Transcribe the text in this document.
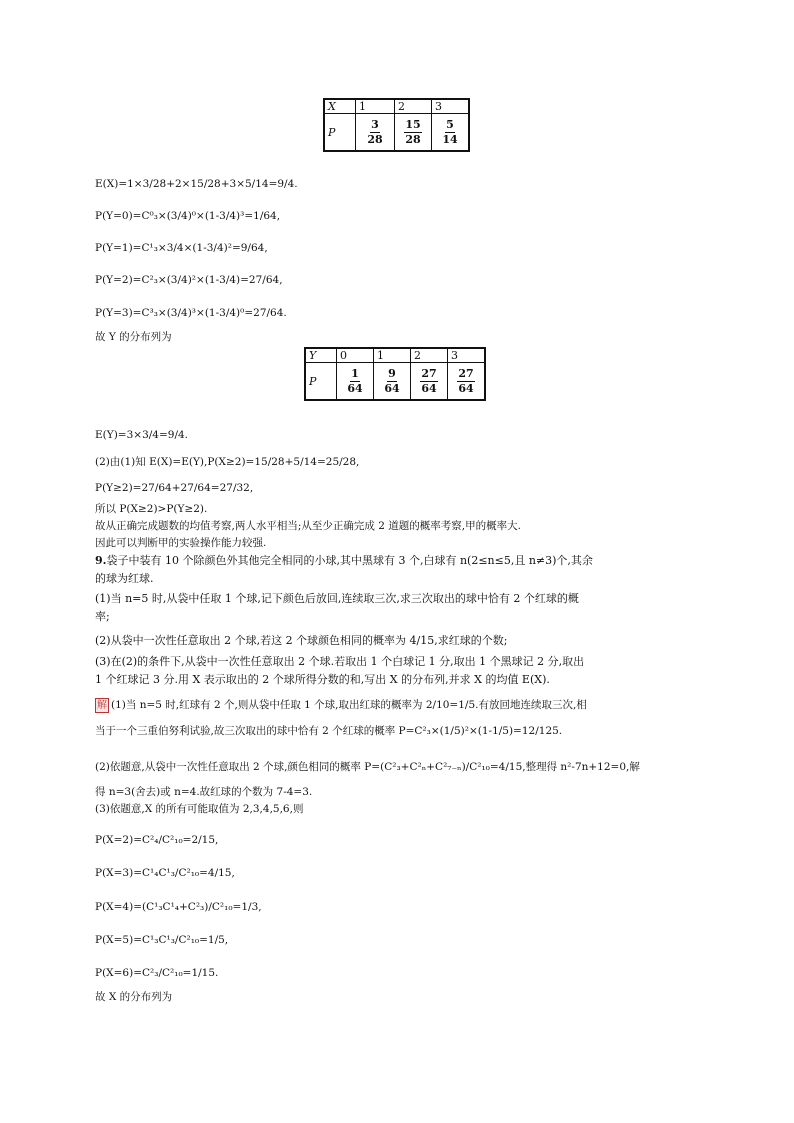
X	1	2	3
P	$\frac{3}{28}$	$\frac{15}{28}$	$\frac{5}{14}$
E(X)=1×3/28+2×15/28+3×5/14=9/4.
P(Y=0)=C⁰₃×(3/4)⁰×(1-3/4)³=1/64,
P(Y=1)=C¹₃×3/4×(1-3/4)²=9/64,
P(Y=2)=C²₃×(3/4)²×(1-3/4)=27/64,
P(Y=3)=C³₃×(3/4)³×(1-3/4)⁰=27/64.
故 Y 的分布列为
Y	0	1	2	3
P	$\frac{1}{64}$	$\frac{9}{64}$	$\frac{27}{64}$	$\frac{27}{64}$
E(Y)=3×3/4=9/4.
(2)由(1)知 E(X)=E(Y),P(X≥2)=15/28+5/14=25/28,
P(Y≥2)=27/64+27/64=27/32,
所以 P(X≥2)>P(Y≥2).
故从正确完成题数的均值考察,两人水平相当;从至少正确完成 2 道题的概率考察,甲的概率大.
因此可以判断甲的实验操作能力较强.
9.袋子中装有 10 个除颜色外其他完全相同的小球,其中黑球有 3 个,白球有 n(2≤n≤5,且 n≠3)个,其余
的球为红球.
(1)当 n=5 时,从袋中任取 1 个球,记下颜色后放回,连续取三次,求三次取出的球中恰有 2 个红球的概
率;
(2)从袋中一次性任意取出 2 个球,若这 2 个球颜色相同的概率为 4/15,求红球的个数;
(3)在(2)的条件下,从袋中一次性任意取出 2 个球.若取出 1 个白球记 1 分,取出 1 个黑球记 2 分,取出
1 个红球记 3 分.用 X 表示取出的 2 个球所得分数的和,写出 X 的分布列,并求 X 的均值 E(X).
解 (1)当 n=5 时,红球有 2 个,则从袋中任取 1 个球,取出红球的概率为 2/10=1/5.有放回地连续取三次,相
当于一个三重伯努利试验,故三次取出的球中恰有 2 个红球的概率 P=C²₃×(1/5)²×(1-1/5)=12/125.
(2)依题意,从袋中一次性任意取出 2 个球,颜色相同的概率 P=(C²₃+C²ₙ+C²₇₋ₙ)/C²₁₀=4/15,整理得 n²-7n+12=0,解
得 n=3(舍去)或 n=4.故红球的个数为 7-4=3.
(3)依题意,X 的所有可能取值为 2,3,4,5,6,则
P(X=2)=C²₄/C²₁₀=2/15,
P(X=3)=C¹₄C¹₃/C²₁₀=4/15,
P(X=4)=(C¹₃C¹₄+C²₃)/C²₁₀=1/3,
P(X=5)=C¹₃C¹₃/C²₁₀=1/5,
P(X=6)=C²₃/C²₁₀=1/15.
故 X 的分布列为
